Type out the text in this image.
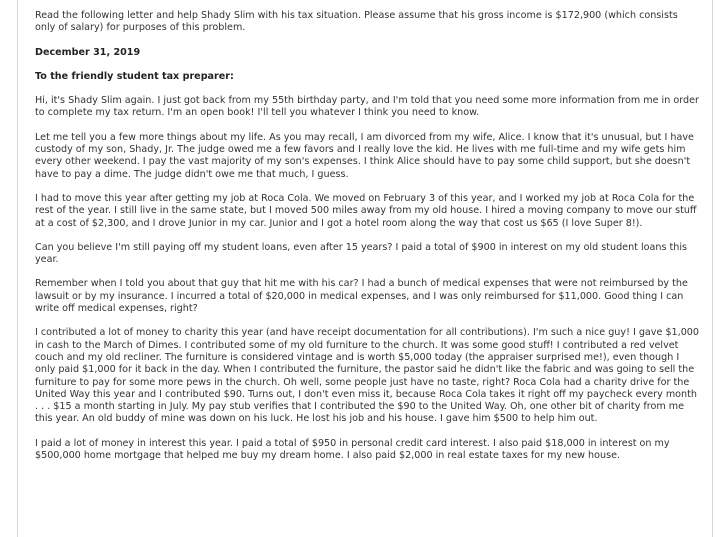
Read the following letter and help Shady Slim with his tax situation. Please assume that his gross income is $172,900 (which consists only of salary) for purposes of this problem.

December 31, 2019

To the friendly student tax preparer:

Hi, it's Shady Slim again. I just got back from my 55th birthday party, and I'm told that you need some more information from me in order to complete my tax return. I'm an open book! I'll tell you whatever I think you need to know.

Let me tell you a few more things about my life. As you may recall, I am divorced from my wife, Alice. I know that it's unusual, but I have custody of my son, Shady, Jr. The judge owed me a few favors and I really love the kid. He lives with me full-time and my wife gets him every other weekend. I pay the vast majority of my son's expenses. I think Alice should have to pay some child support, but she doesn't have to pay a dime. The judge didn't owe me that much, I guess.

I had to move this year after getting my job at Roca Cola. We moved on February 3 of this year, and I worked my job at Roca Cola for the rest of the year. I still live in the same state, but I moved 500 miles away from my old house. I hired a moving company to move our stuff at a cost of $2,300, and I drove Junior in my car. Junior and I got a hotel room along the way that cost us $65 (I love Super 8!).

Can you believe I'm still paying off my student loans, even after 15 years? I paid a total of $900 in interest on my old student loans this year.

Remember when I told you about that guy that hit me with his car? I had a bunch of medical expenses that were not reimbursed by the lawsuit or by my insurance. I incurred a total of $20,000 in medical expenses, and I was only reimbursed for $11,000. Good thing I can write off medical expenses, right?

I contributed a lot of money to charity this year (and have receipt documentation for all contributions). I'm such a nice guy! I gave $1,000 in cash to the March of Dimes. I contributed some of my old furniture to the church. It was some good stuff! I contributed a red velvet couch and my old recliner. The furniture is considered vintage and is worth $5,000 today (the appraiser surprised me!), even though I only paid $1,000 for it back in the day. When I contributed the furniture, the pastor said he didn't like the fabric and was going to sell the furniture to pay for some more pews in the church. Oh well, some people just have no taste, right? Roca Cola had a charity drive for the United Way this year and I contributed $90. Turns out, I don't even miss it, because Roca Cola takes it right off my paycheck every month . . . $15 a month starting in July. My pay stub verifies that I contributed the $90 to the United Way. Oh, one other bit of charity from me this year. An old buddy of mine was down on his luck. He lost his job and his house. I gave him $500 to help him out.

I paid a lot of money in interest this year. I paid a total of $950 in personal credit card interest. I also paid $18,000 in interest on my $500,000 home mortgage that helped me buy my dream home. I also paid $2,000 in real estate taxes for my new house.
